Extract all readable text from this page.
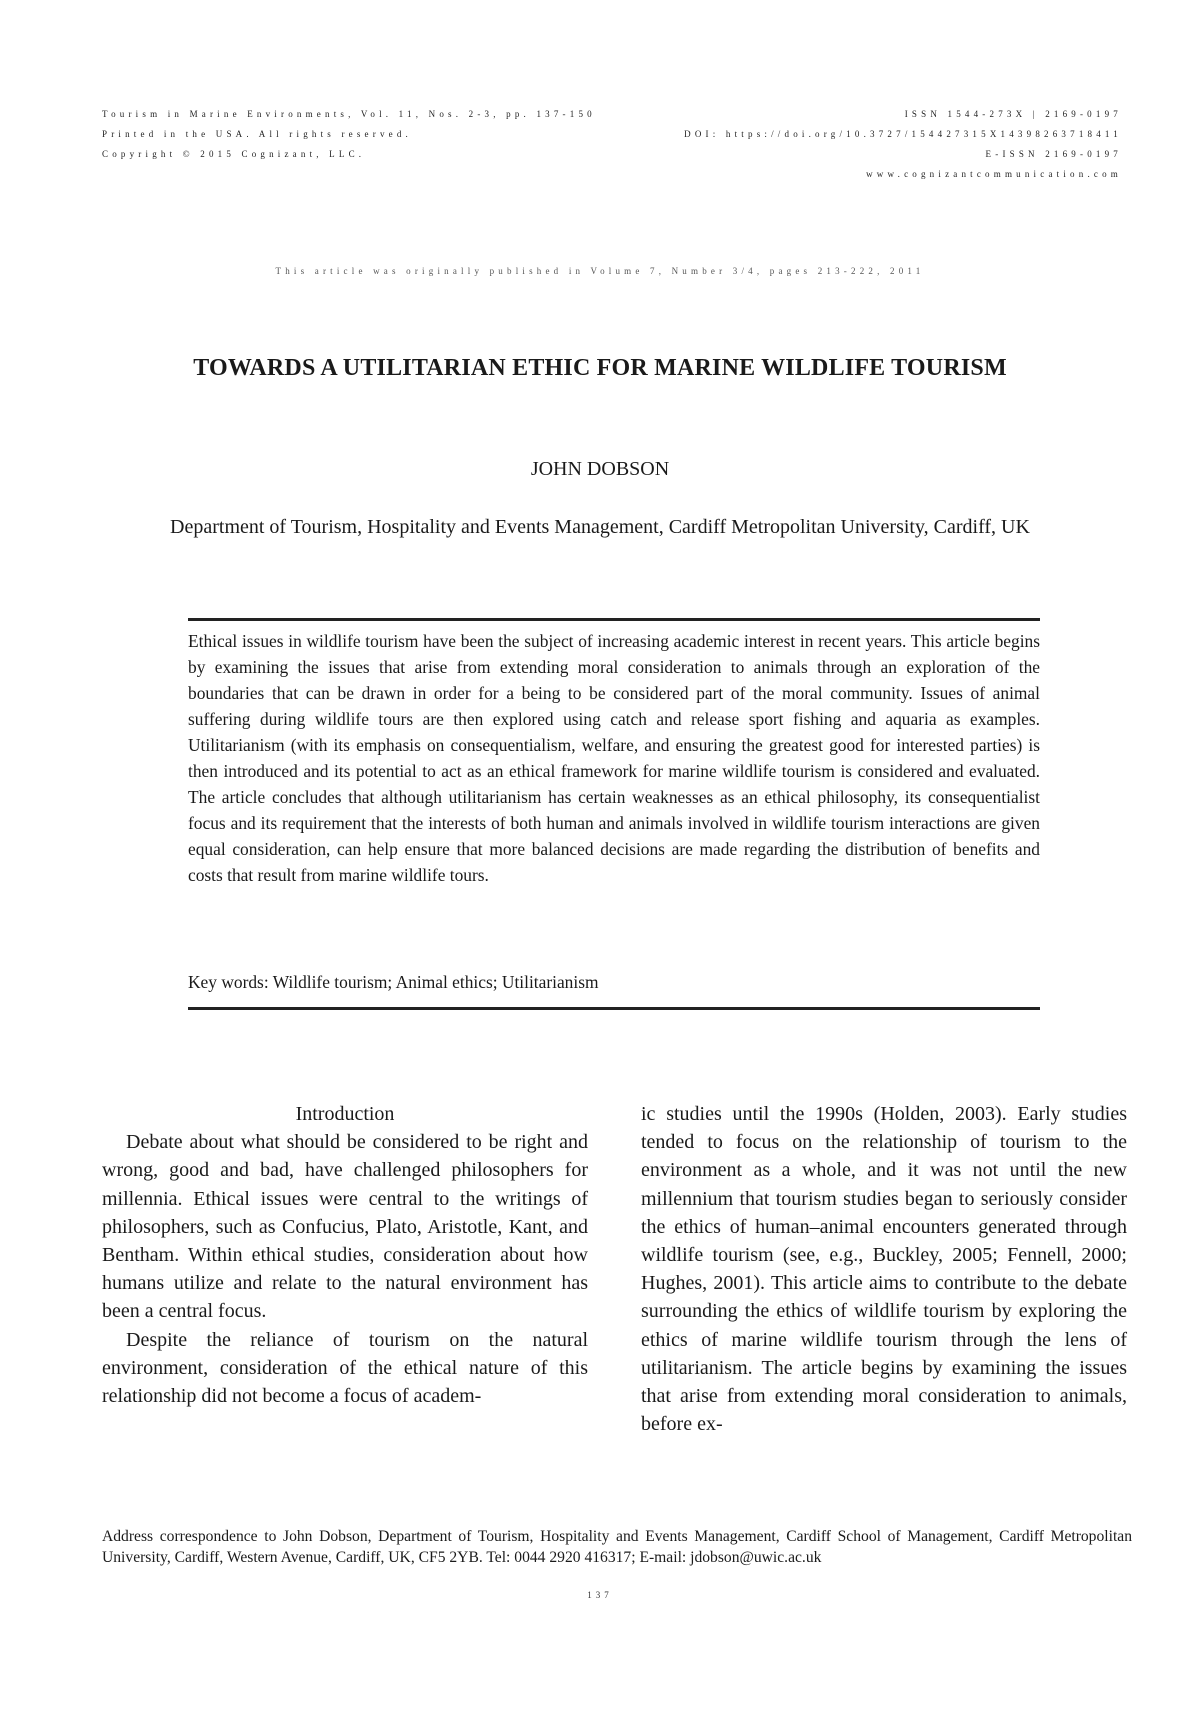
Tourism in Marine Environments, Vol. 11, Nos. 2-3, pp. 137-150
Printed in the USA. All rights reserved.
Copyright © 2015 Cognizant, LLC.
ISSN 1544-273X | 2169-0197
DOI: https://doi.org/10.3727/154427315X14398263718411
E-ISSN 2169-0197
www.cognizantcommunication.com
This article was originally published in Volume 7, Number 3/4, pages 213-222, 2011
TOWARDS A UTILITARIAN ETHIC FOR MARINE WILDLIFE TOURISM
JOHN DOBSON
Department of Tourism, Hospitality and Events Management, Cardiff Metropolitan University, Cardiff, UK
Ethical issues in wildlife tourism have been the subject of increasing academic interest in recent years. This article begins by examining the issues that arise from extending moral consideration to animals through an exploration of the boundaries that can be drawn in order for a being to be considered part of the moral community. Issues of animal suffering during wildlife tours are then explored using catch and release sport fishing and aquaria as examples. Utilitarianism (with its emphasis on consequentialism, welfare, and ensuring the greatest good for interested parties) is then introduced and its potential to act as an ethical framework for marine wildlife tourism is considered and evaluated. The article concludes that although utilitarianism has certain weaknesses as an ethical philosophy, its consequentialist focus and its requirement that the interests of both human and animals involved in wildlife tourism interactions are given equal consideration, can help ensure that more balanced decisions are made regarding the distribution of benefits and costs that result from marine wildlife tours.
Key words: Wildlife tourism; Animal ethics; Utilitarianism

Introduction

Debate about what should be considered to be right and wrong, good and bad, have challenged philosophers for millennia. Ethical issues were central to the writings of philosophers, such as Confucius, Plato, Aristotle, Kant, and Bentham. Within ethical studies, consideration about how humans utilize and relate to the natural environment has been a central focus.

Despite the reliance of tourism on the natural environment, consideration of the ethical nature of this relationship did not become a focus of academ-

ic studies until the 1990s (Holden, 2003). Early studies tended to focus on the relationship of tourism to the environment as a whole, and it was not until the new millennium that tourism studies began to seriously consider the ethics of human–animal encounters generated through wildlife tourism (see, e.g., Buckley, 2005; Fennell, 2000; Hughes, 2001). This article aims to contribute to the debate surrounding the ethics of wildlife tourism by exploring the ethics of marine wildlife tourism through the lens of utilitarianism. The article begins by examining the issues that arise from extending moral consideration to animals, before ex-

Address correspondence to John Dobson, Department of Tourism, Hospitality and Events Management, Cardiff School of Management, Cardiff Metropolitan University, Cardiff, Western Avenue, Cardiff, UK, CF5 2YB. Tel: 0044 2920 416317; E-mail: jdobson@uwic.ac.uk
137
